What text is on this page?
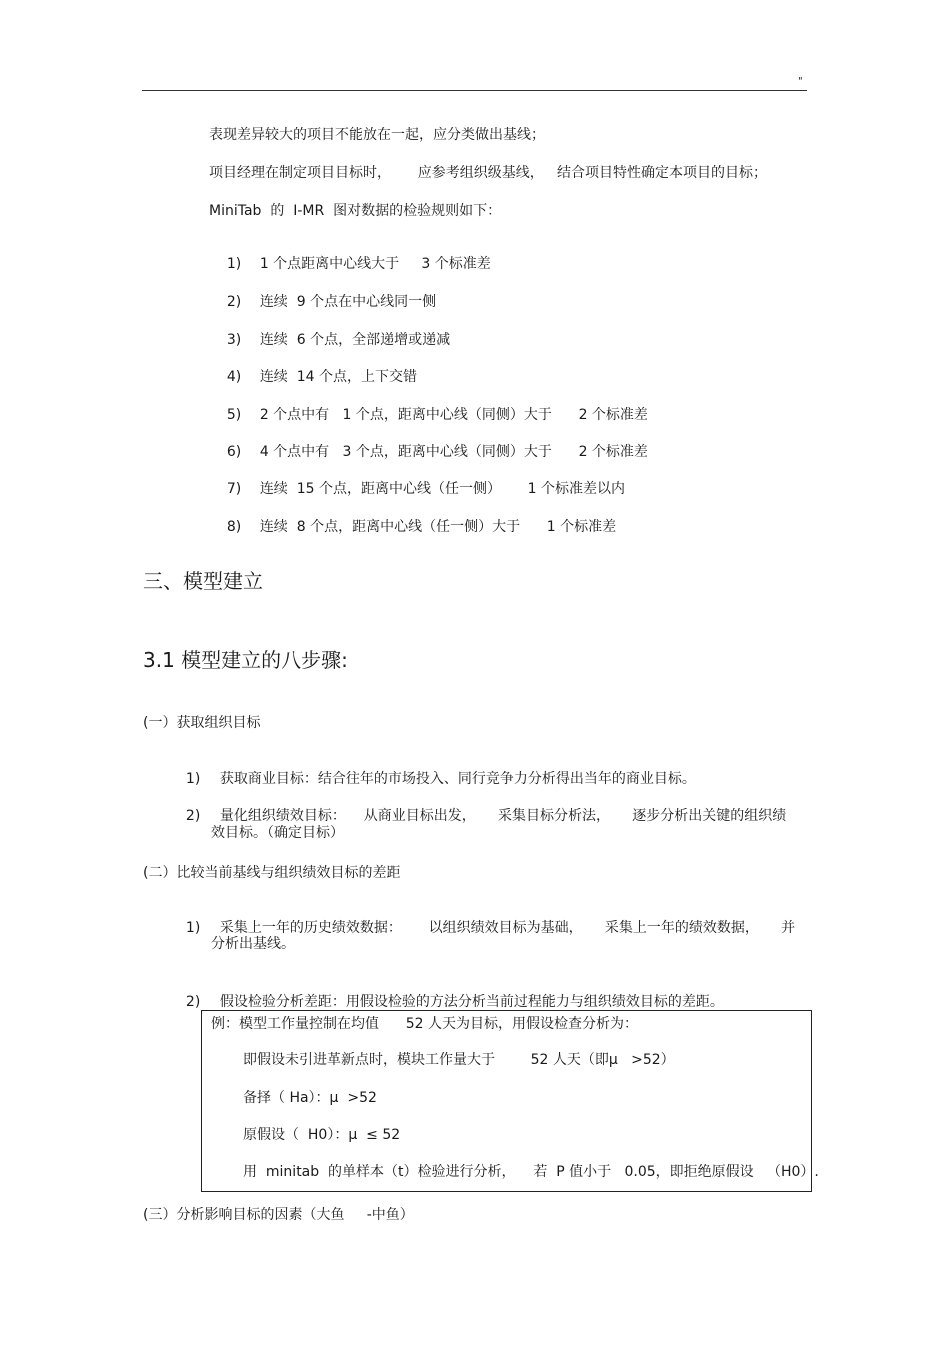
"
表现差异较大的项目不能放在一起，应分类做出基线；
项目经理在制定项目目标时，      应参考组织级基线，   结合项目特性确定本项目的目标；
MiniTab  的  I-MR  图对数据的检验规则如下：

1) 1 个点距离中心线大于     3 个标准差

2) 连续  9 个点在中心线同一侧

3) 连续  6 个点，全部递增或递减

4) 连续  14 个点，上下交错

5) 2 个点中有   1 个点，距离中心线（同侧）大于      2 个标准差

6) 4 个点中有   3 个点，距离中心线（同侧）大于      2 个标准差

7) 连续  15 个点，距离中心线（任一侧）      1 个标准差以内

8) 连续  8 个点，距离中心线（任一侧）大于      1 个标准差

三、模型建立
3.1 模型建立的八步骤:
(一）获取组织目标

1) 获取商业目标：结合往年的市场投入、同行竞争力分析得出当年的商业目标。

2) 量化组织绩效目标：    从商业目标出发，     采集目标分析法，     逐步分析出关键的组织绩

效目标。（确定目标）
(二）比较当前基线与组织绩效目标的差距

1) 采集上一年的历史绩效数据：      以组织绩效目标为基础，     采集上一年的绩效数据，     并

分析出基线。

2) 假设检验分析差距：用假设检验的方法分析当前过程能力与组织绩效目标的差距。

例：模型工作量控制在均值      52 人天为目标，用假设检查分析为：
即假设未引进革新点时，模块工作量大于        52 人天（即μ   >52）
备择（ Ha）：μ  >52
原假设（  H0）：μ  ≤ 52
用  minitab  的单样本（t）检验进行分析，    若  P 值小于   0.05，即拒绝原假设   （H0）.
(三）分析影响目标的因素（大鱼     -中鱼）
